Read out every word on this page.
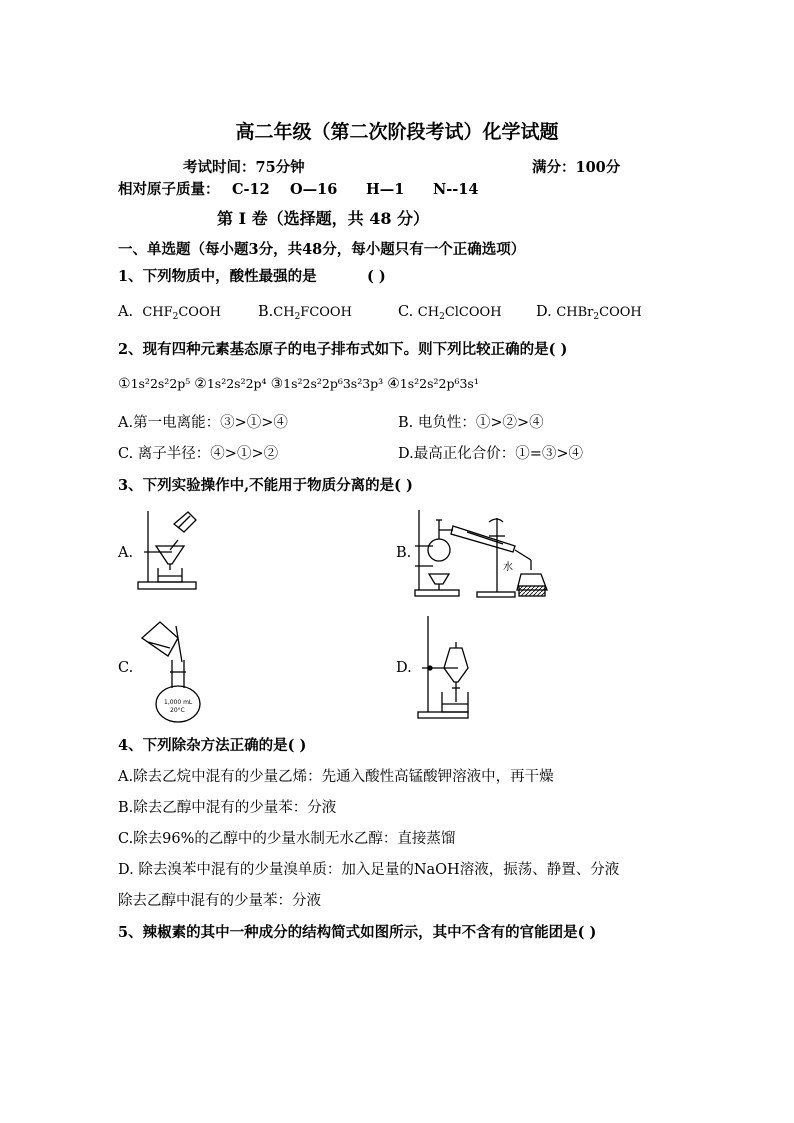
高二年级（第二次阶段考试）化学试题
考试时间：75分钟	满分：100分
相对原子质量： C-12 O—16 H—1 N--14
第 I 卷（选择题，共 48 分）
一、单选题（每小题3分，共48分，每小题只有一个正确选项）
1、下列物质中，酸性最强的是	( )
A. $CHF_2COOH$	$B.CH_2FCOOH$	C. $CH_2ClCOOH$ D. CHBr$_2$COOH
2、现有四种元素基态原子的电子排布式如下。则下列比较正确的是( )
①1s²2s²2p⁵ ②1s²2s²2p⁴ ③1s²2s²2p⁶3s²3p³ ④1s²2s²2p⁶3s¹
A.第一电离能：③>①>④	B. 电负性：①>②>④
C. 离子半径：④>①>②	D.最高正化合价：①=③>④
3、下列实验操作中,不能用于物质分离的是( )
A.	B.
C.	D.
水
1,000 mL
20°C
4、下列除杂方法正确的是( )
A.除去乙烷中混有的少量乙烯：先通入酸性高锰酸钾溶液中，再干燥
B.除去乙醇中混有的少量苯：分液
C.除去96%的乙醇中的少量水制无水乙醇：直接蒸馏
D. 除去溴苯中混有的少量溴单质：加入足量的NaOH溶液，振荡、静置、分液
除去乙醇中混有的少量苯：分液
5、辣椒素的其中一种成分的结构简式如图所示，其中不含有的官能团是( )
